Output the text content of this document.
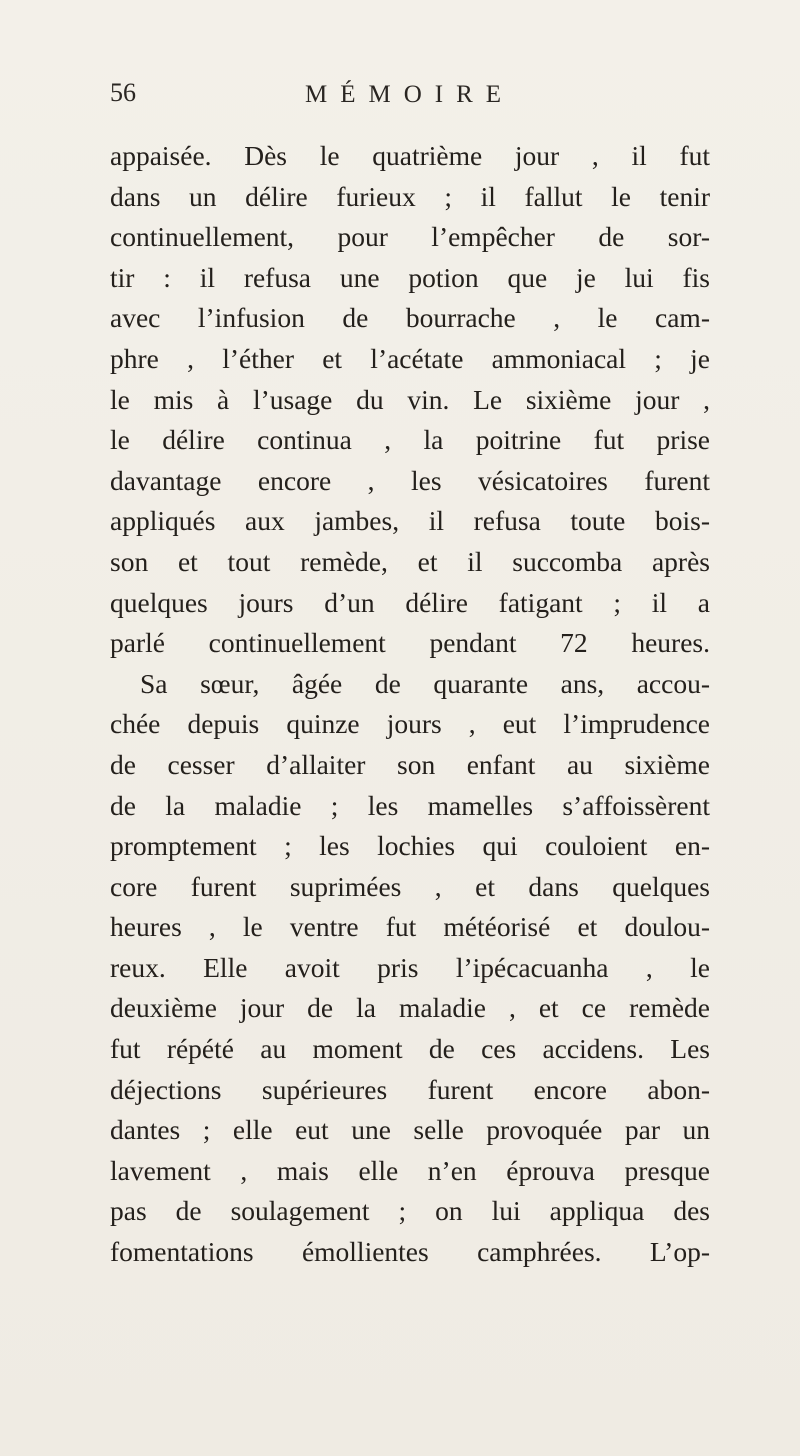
56	MÉMOIRE
appaisée. Dès le quatrième jour , il fut
dans un délire furieux ; il fallut le tenir
continuellement, pour l’empêcher de sor-
tir : il refusa une potion que je lui fis
avec l’infusion de bourrache , le cam-
phre , l’éther et l’acétate ammoniacal ; je
le mis à l’usage du vin. Le sixième jour ,
le délire continua , la poitrine fut prise
davantage encore , les vésicatoires furent
appliqués aux jambes, il refusa toute bois-
son et tout remède, et il succomba après
quelques jours d’un délire fatigant ; il a
parlé continuellement pendant 72 heures.
Sa sœur, âgée de quarante ans, accou-
chée depuis quinze jours , eut l’imprudence
de cesser d’allaiter son enfant au sixième
de la maladie ; les mamelles s’affoissèrent
promptement ; les lochies qui couloient en-
core furent suprimées , et dans quelques
heures , le ventre fut météorisé et doulou-
reux. Elle avoit pris l’ipécacuanha , le
deuxième jour de la maladie , et ce remède
fut répété au moment de ces accidens. Les
déjections supérieures furent encore abon-
dantes ; elle eut une selle provoquée par un
lavement , mais elle n’en éprouva presque
pas de soulagement ; on lui appliqua des
fomentations émollientes camphrées. L’op-
